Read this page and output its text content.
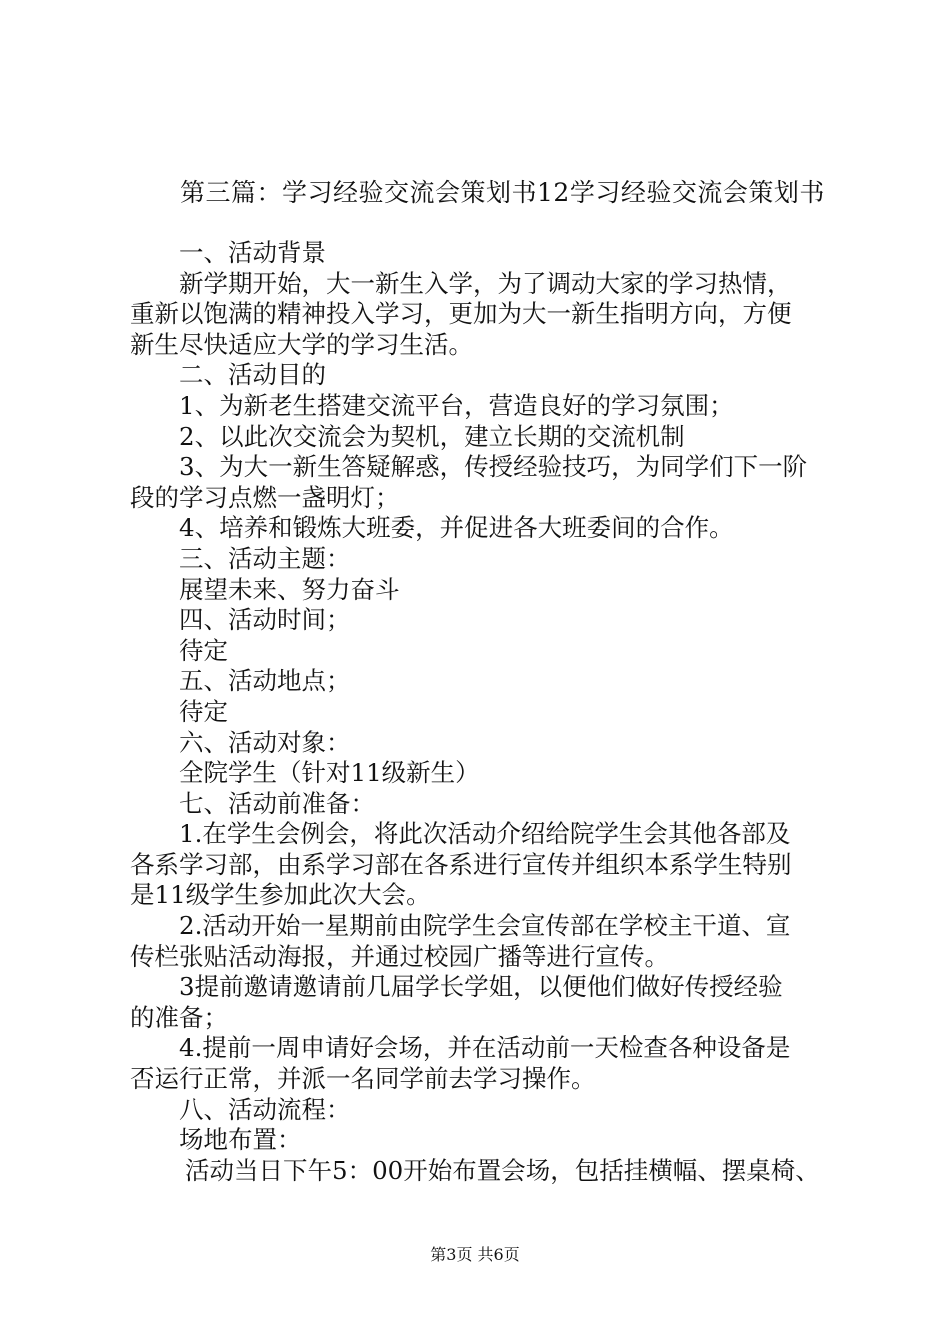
第三篇：学习经验交流会策划书12学习经验交流会策划书

一、活动背景

新学期开始，大一新生入学，为了调动大家的学习热情，

重新以饱满的精神投入学习，更加为大一新生指明方向，方便

新生尽快适应大学的学习生活。

二、活动目的

1、为新老生搭建交流平台，营造良好的学习氛围；

2、以此次交流会为契机，建立长期的交流机制

3、为大一新生答疑解惑，传授经验技巧，为同学们下一阶

段的学习点燃一盏明灯；

4、培养和锻炼大班委，并促进各大班委间的合作。

三、活动主题：

展望未来、努力奋斗

四、活动时间；

待定

五、活动地点；

待定

六、活动对象：

全院学生（针对11级新生）

七、活动前准备：

1.在学生会例会，将此次活动介绍给院学生会其他各部及

各系学习部，由系学习部在各系进行宣传并组织本系学生特别

是11级学生参加此次大会。

2.活动开始一星期前由院学生会宣传部在学校主干道、宣

传栏张贴活动海报，并通过校园广播等进行宣传。

3提前邀请邀请前几届学长学姐，以便他们做好传授经验

的准备；

4.提前一周申请好会场，并在活动前一天检查各种设备是

否运行正常，并派一名同学前去学习操作。

八、活动流程：

场地布置：

活动当日下午5：00开始布置会场，包括挂横幅、摆桌椅、

第3页 共6页
